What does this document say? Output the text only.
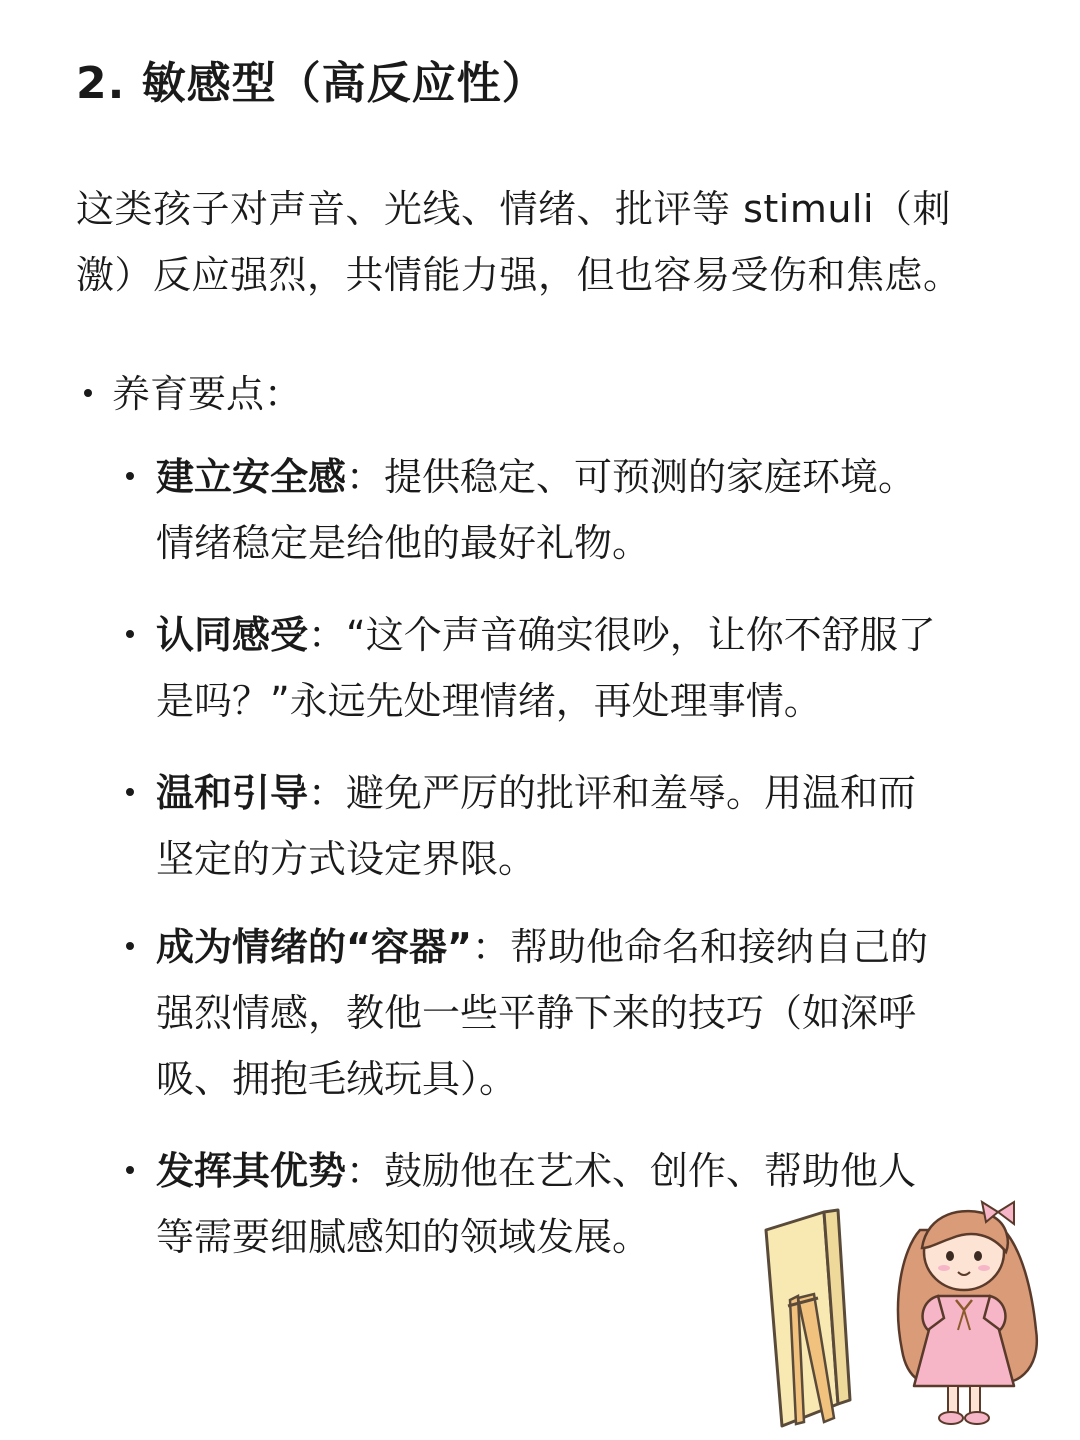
2. 敏感型（高反应性）
这类孩子对声音、光线、情绪、批评等 stimuli（刺
激）反应强烈，共情能力强，但也容易受伤和焦虑。
养育要点：
建立安全感：提供稳定、可预测的家庭环境。
情绪稳定是给他的最好礼物。
认同感受：“这个声音确实很吵，让你不舒服了
是吗？”永远先处理情绪，再处理事情。
温和引导：避免严厉的批评和羞辱。用温和而
坚定的方式设定界限。
成为情绪的“容器”：帮助他命名和接纳自己的
强烈情感，教他一些平静下来的技巧（如深呼
吸、拥抱毛绒玩具）。
发挥其优势：鼓励他在艺术、创作、帮助他人
等需要细腻感知的领域发展。
